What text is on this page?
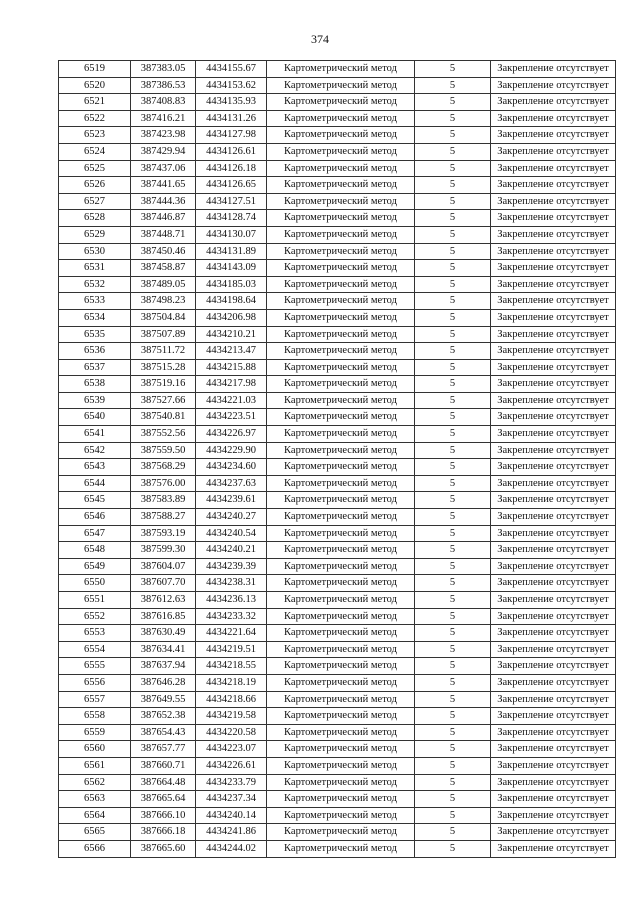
374
6519	387383.05	4434155.67	Картометрический метод	5	Закрепление отсутствует
6520	387386.53	4434153.62	Картометрический метод	5	Закрепление отсутствует
6521	387408.83	4434135.93	Картометрический метод	5	Закрепление отсутствует
6522	387416.21	4434131.26	Картометрический метод	5	Закрепление отсутствует
6523	387423.98	4434127.98	Картометрический метод	5	Закрепление отсутствует
6524	387429.94	4434126.61	Картометрический метод	5	Закрепление отсутствует
6525	387437.06	4434126.18	Картометрический метод	5	Закрепление отсутствует
6526	387441.65	4434126.65	Картометрический метод	5	Закрепление отсутствует
6527	387444.36	4434127.51	Картометрический метод	5	Закрепление отсутствует
6528	387446.87	4434128.74	Картометрический метод	5	Закрепление отсутствует
6529	387448.71	4434130.07	Картометрический метод	5	Закрепление отсутствует
6530	387450.46	4434131.89	Картометрический метод	5	Закрепление отсутствует
6531	387458.87	4434143.09	Картометрический метод	5	Закрепление отсутствует
6532	387489.05	4434185.03	Картометрический метод	5	Закрепление отсутствует
6533	387498.23	4434198.64	Картометрический метод	5	Закрепление отсутствует
6534	387504.84	4434206.98	Картометрический метод	5	Закрепление отсутствует
6535	387507.89	4434210.21	Картометрический метод	5	Закрепление отсутствует
6536	387511.72	4434213.47	Картометрический метод	5	Закрепление отсутствует
6537	387515.28	4434215.88	Картометрический метод	5	Закрепление отсутствует
6538	387519.16	4434217.98	Картометрический метод	5	Закрепление отсутствует
6539	387527.66	4434221.03	Картометрический метод	5	Закрепление отсутствует
6540	387540.81	4434223.51	Картометрический метод	5	Закрепление отсутствует
6541	387552.56	4434226.97	Картометрический метод	5	Закрепление отсутствует
6542	387559.50	4434229.90	Картометрический метод	5	Закрепление отсутствует
6543	387568.29	4434234.60	Картометрический метод	5	Закрепление отсутствует
6544	387576.00	4434237.63	Картометрический метод	5	Закрепление отсутствует
6545	387583.89	4434239.61	Картометрический метод	5	Закрепление отсутствует
6546	387588.27	4434240.27	Картометрический метод	5	Закрепление отсутствует
6547	387593.19	4434240.54	Картометрический метод	5	Закрепление отсутствует
6548	387599.30	4434240.21	Картометрический метод	5	Закрепление отсутствует
6549	387604.07	4434239.39	Картометрический метод	5	Закрепление отсутствует
6550	387607.70	4434238.31	Картометрический метод	5	Закрепление отсутствует
6551	387612.63	4434236.13	Картометрический метод	5	Закрепление отсутствует
6552	387616.85	4434233.32	Картометрический метод	5	Закрепление отсутствует
6553	387630.49	4434221.64	Картометрический метод	5	Закрепление отсутствует
6554	387634.41	4434219.51	Картометрический метод	5	Закрепление отсутствует
6555	387637.94	4434218.55	Картометрический метод	5	Закрепление отсутствует
6556	387646.28	4434218.19	Картометрический метод	5	Закрепление отсутствует
6557	387649.55	4434218.66	Картометрический метод	5	Закрепление отсутствует
6558	387652.38	4434219.58	Картометрический метод	5	Закрепление отсутствует
6559	387654.43	4434220.58	Картометрический метод	5	Закрепление отсутствует
6560	387657.77	4434223.07	Картометрический метод	5	Закрепление отсутствует
6561	387660.71	4434226.61	Картометрический метод	5	Закрепление отсутствует
6562	387664.48	4434233.79	Картометрический метод	5	Закрепление отсутствует
6563	387665.64	4434237.34	Картометрический метод	5	Закрепление отсутствует
6564	387666.10	4434240.14	Картометрический метод	5	Закрепление отсутствует
6565	387666.18	4434241.86	Картометрический метод	5	Закрепление отсутствует
6566	387665.60	4434244.02	Картометрический метод	5	Закрепление отсутствует
